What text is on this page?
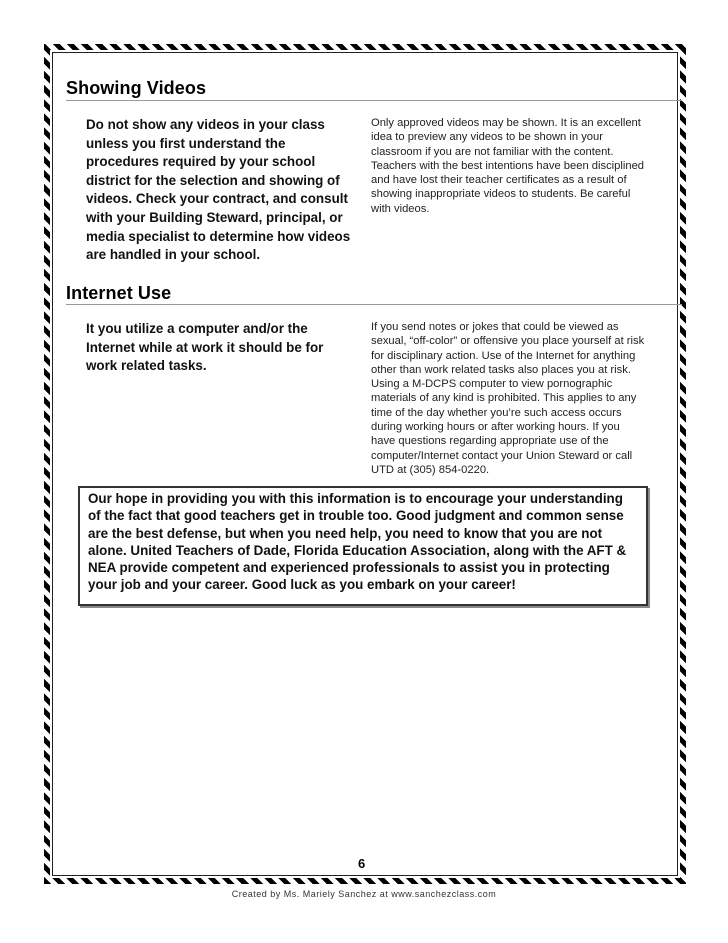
Showing Videos

Do not show any videos in your class unless you first understand the procedures required by your school district for the selection and showing of videos. Check your contract, and consult with your Building Steward, principal, or media specialist to determine how videos are handled in your school.

Only approved videos may be shown. It is an excellent idea to preview any videos to be shown in your classroom if you are not familiar with the content. Teachers with the best intentions have been disciplined and have lost their teacher certificates as a result of showing inappropriate videos to students. Be careful with videos.

Internet Use

It you utilize a computer and/or the Internet while at work it should be for work related tasks.

If you send notes or jokes that could be viewed as sexual, “off-color” or offensive you place yourself at risk for disciplinary action. Use of the Internet for anything other than work related tasks also places you at risk. Using a M-DCPS computer to view pornographic materials of any kind is prohibited. This applies to any time of the day whether you’re such access occurs during working hours or after working hours. If you have questions regarding appropriate use of the computer/Internet contact your Union Steward or call UTD at (305) 854-0220.

Our hope in providing you with this information is to encourage your understanding of the fact that good teachers get in trouble too. Good judgment and common sense are the best defense, but when you need help, you need to know that you are not alone. United Teachers of Dade, Florida Education Association, along with the AFT & NEA provide competent and experienced professionals to assist you in protecting your job and your career. Good luck as you embark on your career!

6

Created by Ms. Mariely Sanchez at www.sanchezclass.com
